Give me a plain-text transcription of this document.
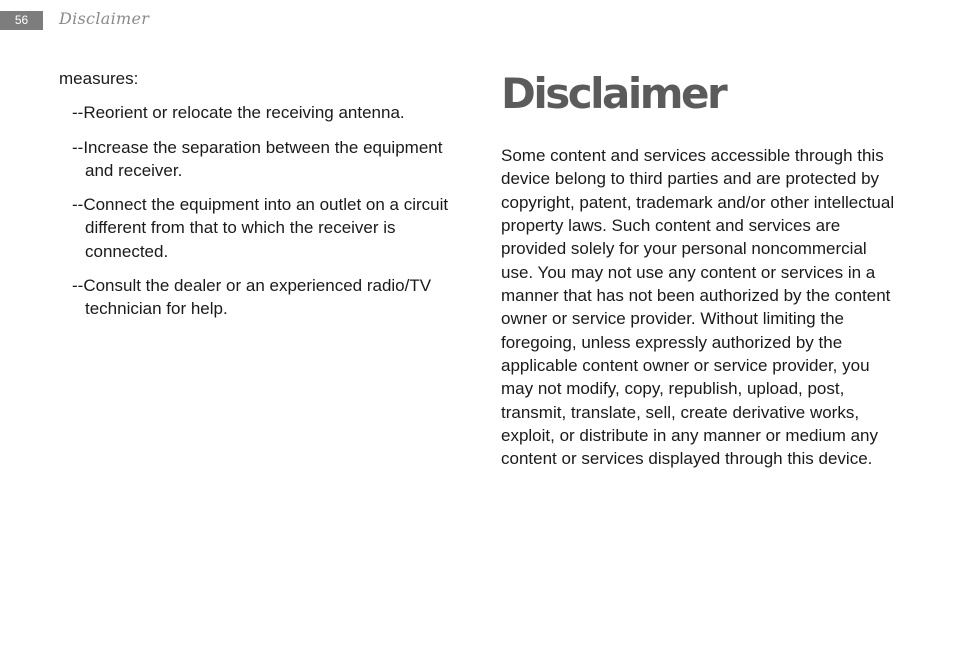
56	Disclaimer

measures:

--Reorient or relocate the receiving antenna.
--Increase the separation between the equipment and receiver.
--Connect the equipment into an outlet on a circuit different from that to which the receiver is connected.
--Consult the dealer or an experienced radio/TV technician for help.
Disclaimer

Some content and services accessible through this device belong to third parties and are protected by copyright, patent, trademark and/or other intellectual property laws. Such content and services are provided solely for your personal noncommercial use. You may not use any content or services in a manner that has not been authorized by the content owner or service provider. Without limiting the foregoing, unless expressly authorized by the applicable content owner or service provider, you may not modify, copy, republish, upload, post, transmit, translate, sell, create derivative works, exploit, or distribute in any manner or medium any content or services displayed through this device.
